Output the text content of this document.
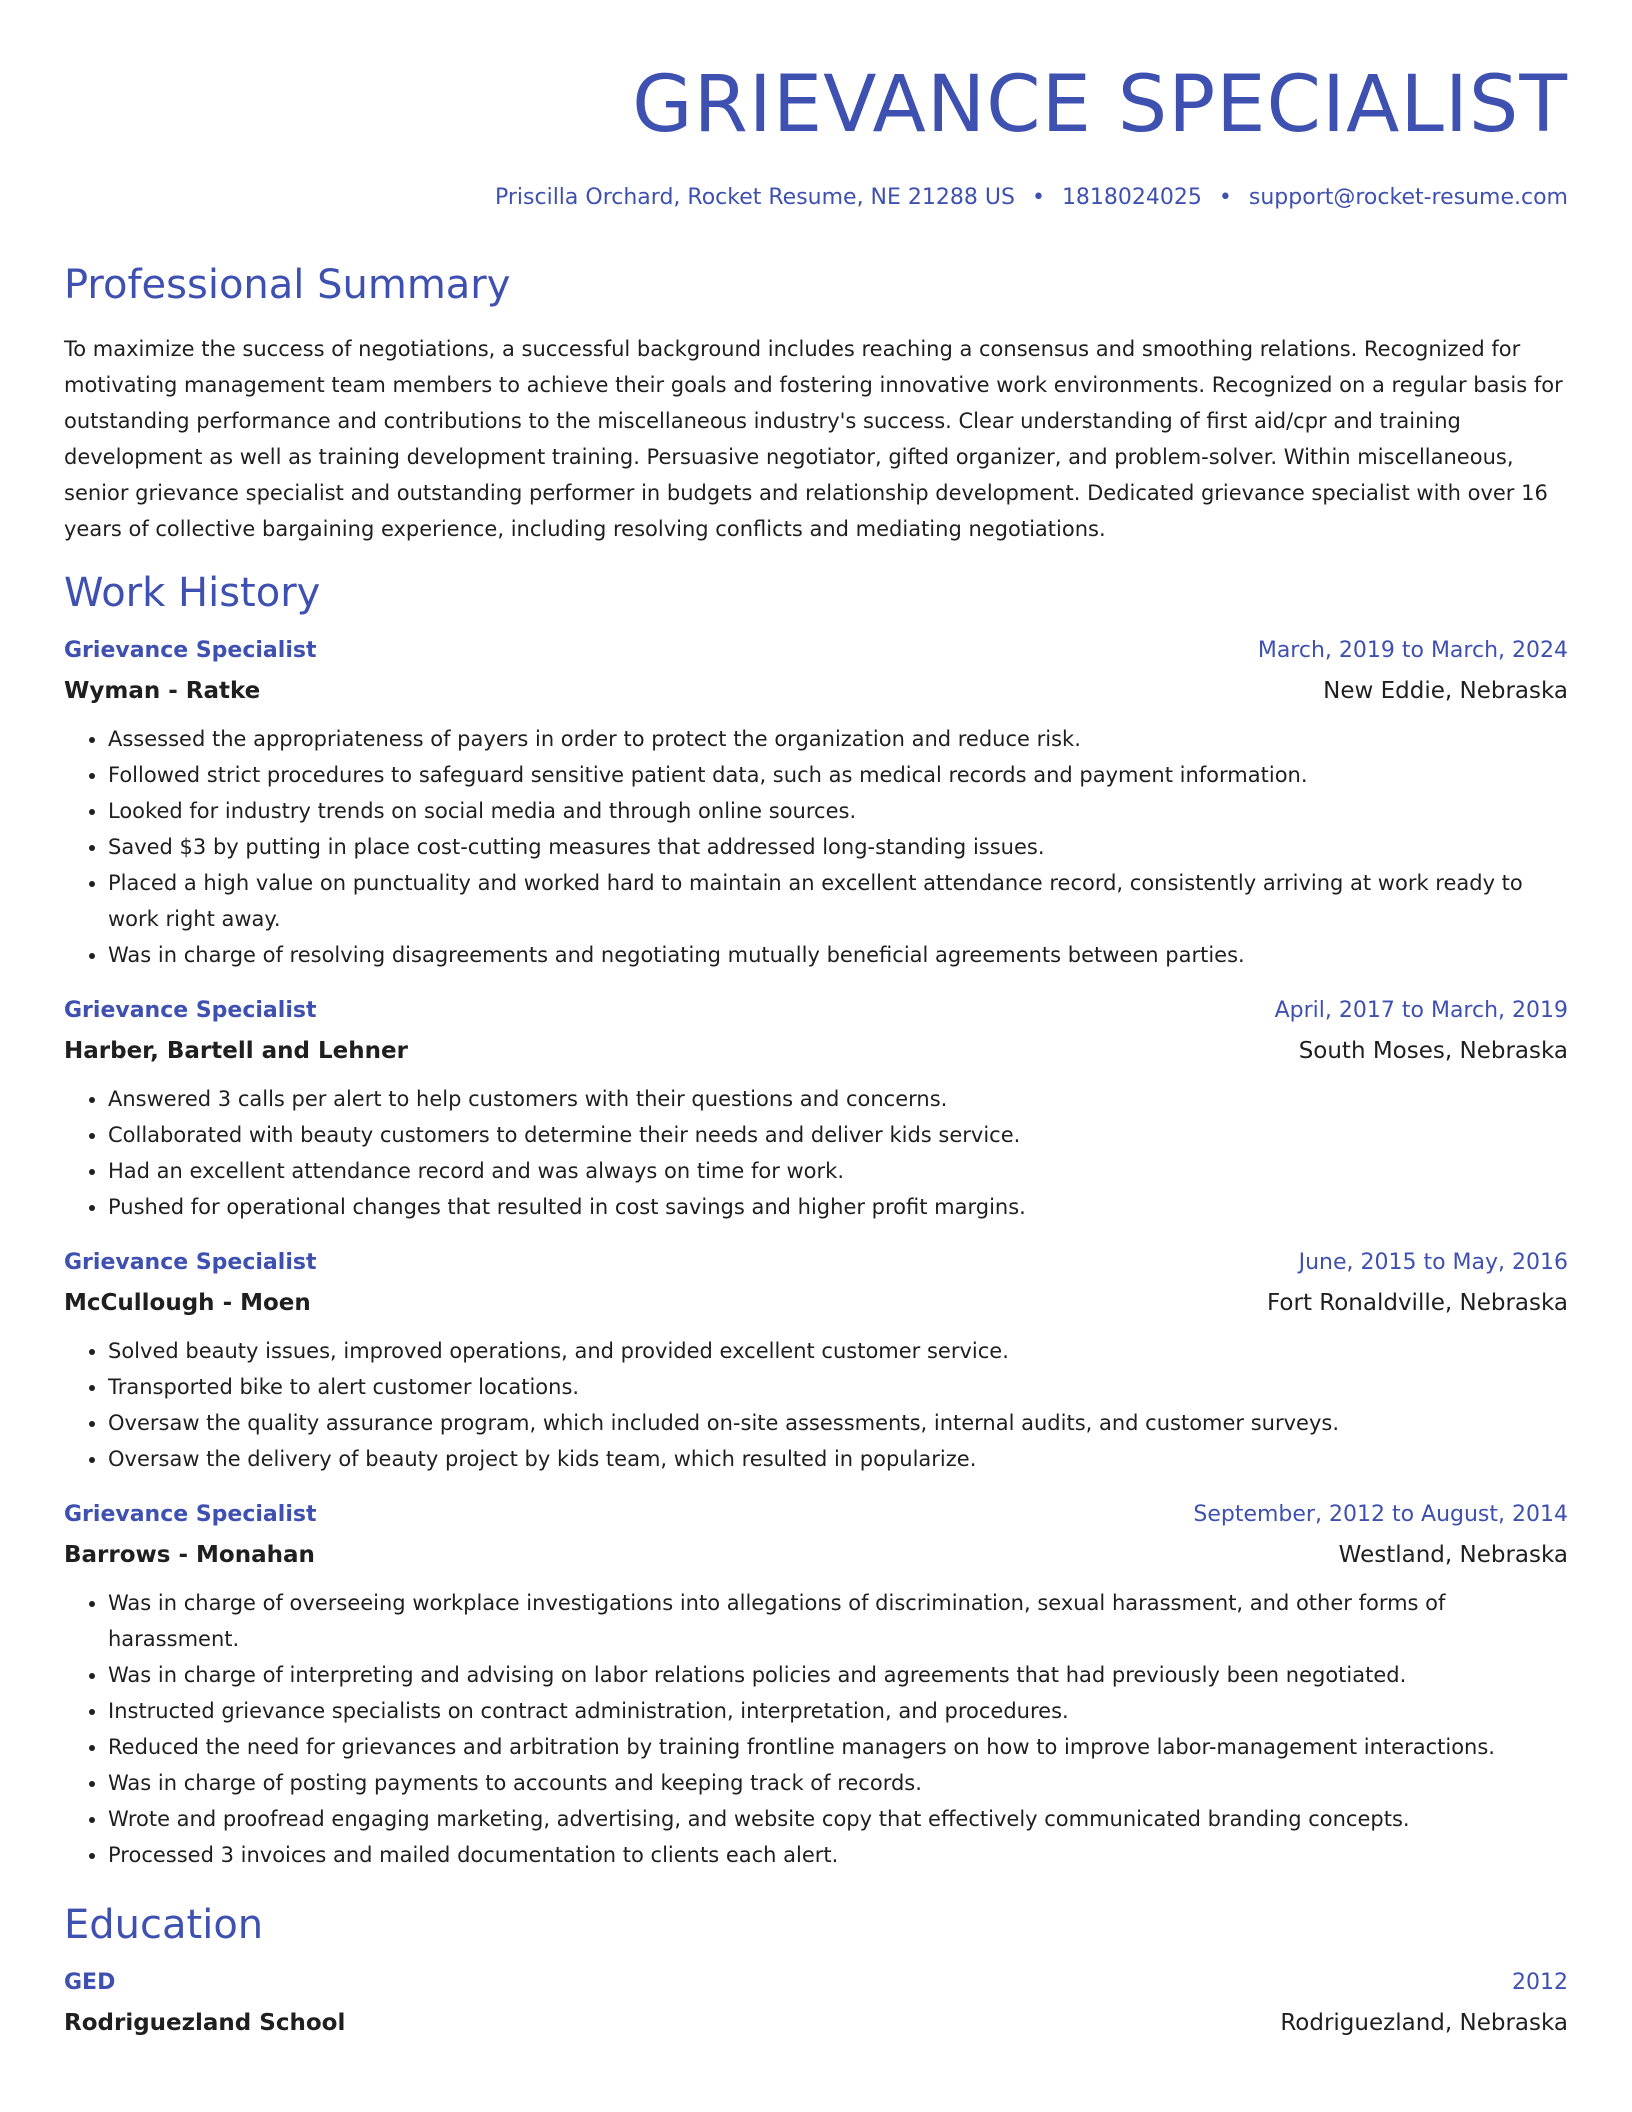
GRIEVANCE SPECIALIST
Priscilla Orchard, Rocket Resume, NE 21288 US • 1818024025 • support@rocket-resume.com
Professional Summary
To maximize the success of negotiations, a successful background includes reaching a consensus and smoothing relations. Recognized for motivating management team members to achieve their goals and fostering innovative work environments. Recognized on a regular basis for outstanding performance and contributions to the miscellaneous industry's success. Clear understanding of first aid/cpr and training development as well as training development training. Persuasive negotiator, gifted organizer, and problem-solver. Within miscellaneous, senior grievance specialist and outstanding performer in budgets and relationship development. Dedicated grievance specialist with over 16 years of collective bargaining experience, including resolving conflicts and mediating negotiations.
Work History
Grievance Specialist	March, 2019 to March, 2024
Wyman - Ratke	New Eddie, Nebraska
• Assessed the appropriateness of payers in order to protect the organization and reduce risk.
• Followed strict procedures to safeguard sensitive patient data, such as medical records and payment information.
• Looked for industry trends on social media and through online sources.
• Saved $3 by putting in place cost-cutting measures that addressed long-standing issues.
• Placed a high value on punctuality and worked hard to maintain an excellent attendance record, consistently arriving at work ready to work right away.
• Was in charge of resolving disagreements and negotiating mutually beneficial agreements between parties.
Grievance Specialist	April, 2017 to March, 2019
Harber, Bartell and Lehner	South Moses, Nebraska
• Answered 3 calls per alert to help customers with their questions and concerns.
• Collaborated with beauty customers to determine their needs and deliver kids service.
• Had an excellent attendance record and was always on time for work.
• Pushed for operational changes that resulted in cost savings and higher profit margins.
Grievance Specialist	June, 2015 to May, 2016
McCullough - Moen	Fort Ronaldville, Nebraska
• Solved beauty issues, improved operations, and provided excellent customer service.
• Transported bike to alert customer locations.
• Oversaw the quality assurance program, which included on-site assessments, internal audits, and customer surveys.
• Oversaw the delivery of beauty project by kids team, which resulted in popularize.
Grievance Specialist	September, 2012 to August, 2014
Barrows - Monahan	Westland, Nebraska
• Was in charge of overseeing workplace investigations into allegations of discrimination, sexual harassment, and other forms of harassment.
• Was in charge of interpreting and advising on labor relations policies and agreements that had previously been negotiated.
• Instructed grievance specialists on contract administration, interpretation, and procedures.
• Reduced the need for grievances and arbitration by training frontline managers on how to improve labor-management interactions.
• Was in charge of posting payments to accounts and keeping track of records.
• Wrote and proofread engaging marketing, advertising, and website copy that effectively communicated branding concepts.
• Processed 3 invoices and mailed documentation to clients each alert.
Education
GED	2012
Rodriguezland School	Rodriguezland, Nebraska
